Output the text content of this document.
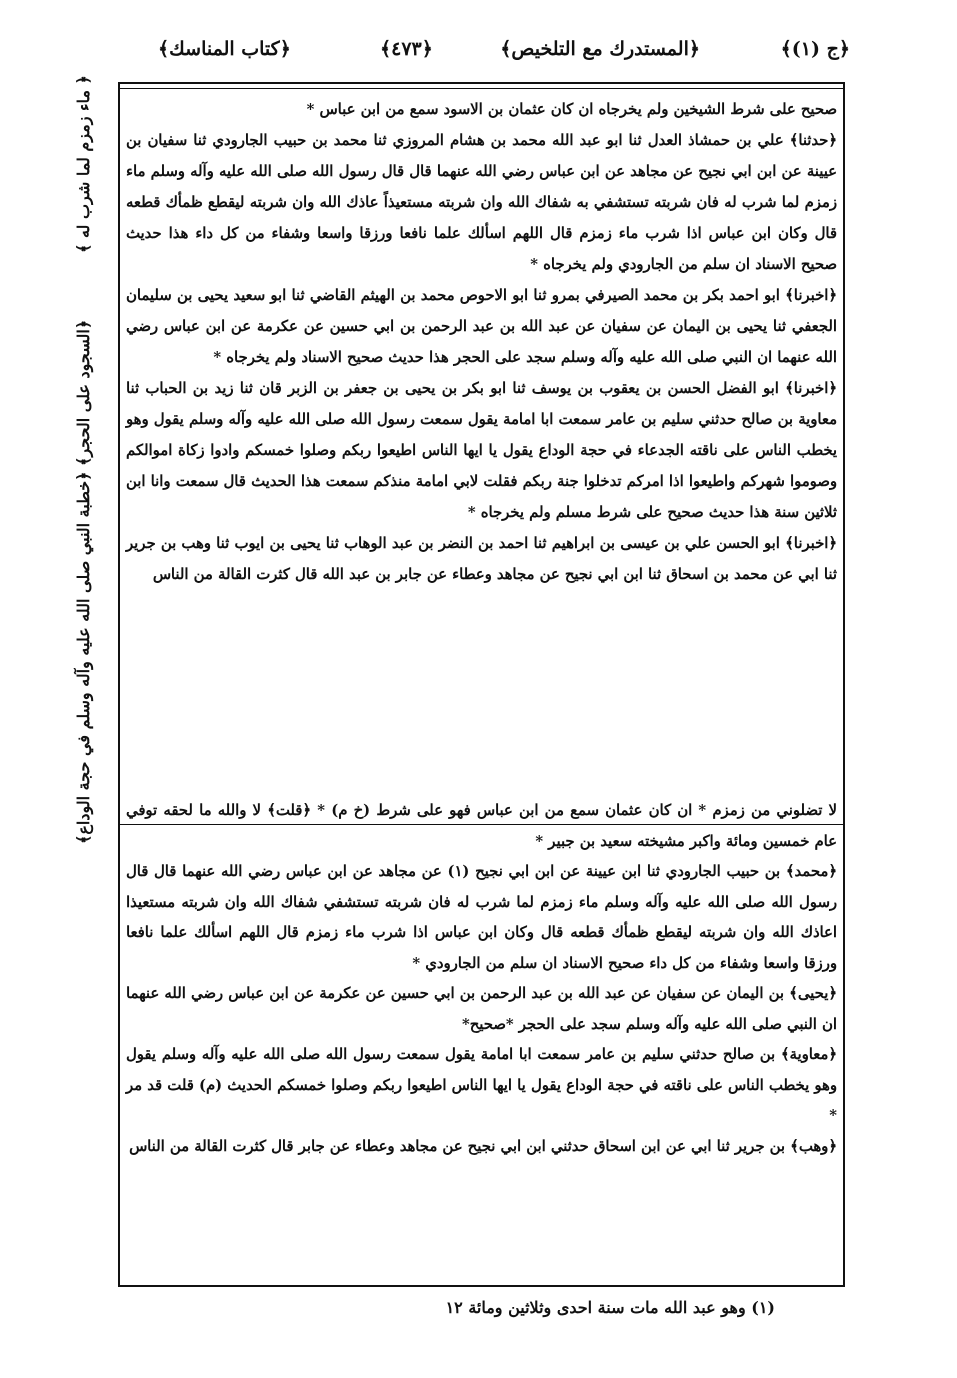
﴿ج (١)﴾
﴿المستدرك مع التلخيص﴾
﴿٤٧٣﴾
﴿كتاب المناسك﴾
﴿ ماء زمزم لما شرب له ﴾
﴿السجود على الحجر﴾ ﴿خطبة النبي صلى الله عليه وآله وسلم في حجة الوداع﴾

صحيح على شرط الشيخين ولم يخرجاه ان كان عثمان بن الاسود سمع من ابن عباس *

﴿حدثنا﴾ علي بن حمشاذ العدل ثنا ابو عبد الله محمد بن هشام المروزي ثنا محمد بن حبيب الجارودي ثنا سفيان بن عيينة عن ابن ابي نجيح عن مجاهد عن ابن عباس رضي الله عنهما قال قال رسول الله صلى الله عليه وآله وسلم ماء زمزم لما شرب له فان شربته تستشفي به شفاك الله وان شربته مستعيذاً عاذك الله وان شربته ليقطع ظمأك قطعه قال وكان ابن عباس اذا شرب ماء زمزم قال اللهم اسألك علما نافعا ورزقا واسعا وشفاء من كل داء هذا حديث صحيح الاسناد ان سلم من الجارودي ولم يخرجاه *

﴿اخبرنا﴾ ابو احمد بكر بن محمد الصيرفي بمرو ثنا ابو الاحوص محمد بن الهيثم القاضي ثنا ابو سعيد يحيى بن سليمان الجعفي ثنا يحيى بن اليمان عن سفيان عن عبد الله بن عبد الرحمن بن ابي حسين عن عكرمة عن ابن عباس رضي الله عنهما ان النبي صلى الله عليه وآله وسلم سجد على الحجر هذا حديث صحيح الاسناد ولم يخرجاه *

﴿اخبرنا﴾ ابو الفضل الحسن بن يعقوب بن يوسف ثنا ابو بكر بن يحيى بن جعفر بن الزبر قان ثنا زيد بن الحباب ثنا معاوية بن صالح حدثني سليم بن عامر سمعت ابا امامة يقول سمعت رسول الله صلى الله عليه وآله وسلم يقول وهو يخطب الناس على ناقته الجدعاء في حجة الوداع يقول يا ايها الناس اطيعوا ربكم وصلوا خمسكم وادوا زكاة اموالكم وصوموا شهركم واطيعوا اذا امركم تدخلوا جنة ربكم فقلت لابي امامة منذكم سمعت هذا الحديث قال سمعت وانا ابن ثلاثين سنة هذا حديث صحيح على شرط مسلم ولم يخرجاه *

﴿اخبرنا﴾ ابو الحسن علي بن عيسى بن ابراهيم ثنا احمد بن النضر بن عبد الوهاب ثنا يحيى بن ايوب ثنا وهب بن جرير ثنا ابي عن محمد بن اسحاق ثنا ابن ابي نجيح عن مجاهد وعطاء عن جابر بن عبد الله قال كثرت القالة من الناس

لا تضلوني من زمزم * ان كان عثمان سمع من ابن عباس فهو على شرط (خ م) * ﴿قلت﴾ لا والله ما لحقه توفي عام خمسين ومائة واكبر مشيخته سعيد بن جبير *

﴿محمد﴾ بن حبيب الجارودي ثنا ابن عيينة عن ابن ابي نجيح (١) عن مجاهد عن ابن عباس رضي الله عنهما قال قال رسول الله صلى الله عليه وآله وسلم ماء زمزم لما شرب له فان شربته تستشفي شفاك الله وان شربته مستعيذا اعاذك الله وان شربته ليقطع ظمأك قطعه قال وكان ابن عباس اذا شرب ماء زمزم قال اللهم اسألك علما نافعا ورزقا واسعا وشفاء من كل داء صحيح الاسناد ان سلم من الجارودي *

﴿يحيى﴾ بن اليمان عن سفيان عن عبد الله بن عبد الرحمن بن ابي حسين عن عكرمة عن ابن عباس رضي الله عنهما ان النبي صلى الله عليه وآله وسلم سجد على الحجر *صحيح*

﴿معاوية﴾ بن صالح حدثني سليم بن عامر سمعت ابا امامة يقول سمعت رسول الله صلى الله عليه وآله وسلم يقول وهو يخطب الناس على ناقته في حجة الوداع يقول يا ايها الناس اطيعوا ربكم وصلوا خمسكم الحديث (م) قلت قد مر *

﴿وهب﴾ بن جرير ثنا ابي عن ابن اسحاق حدثني ابن ابي نجيح عن مجاهد وعطاء عن جابر قال كثرت القالة من الناس

(١) وهو عبد الله مات سنة احدى وثلاثين ومائة ١٢
